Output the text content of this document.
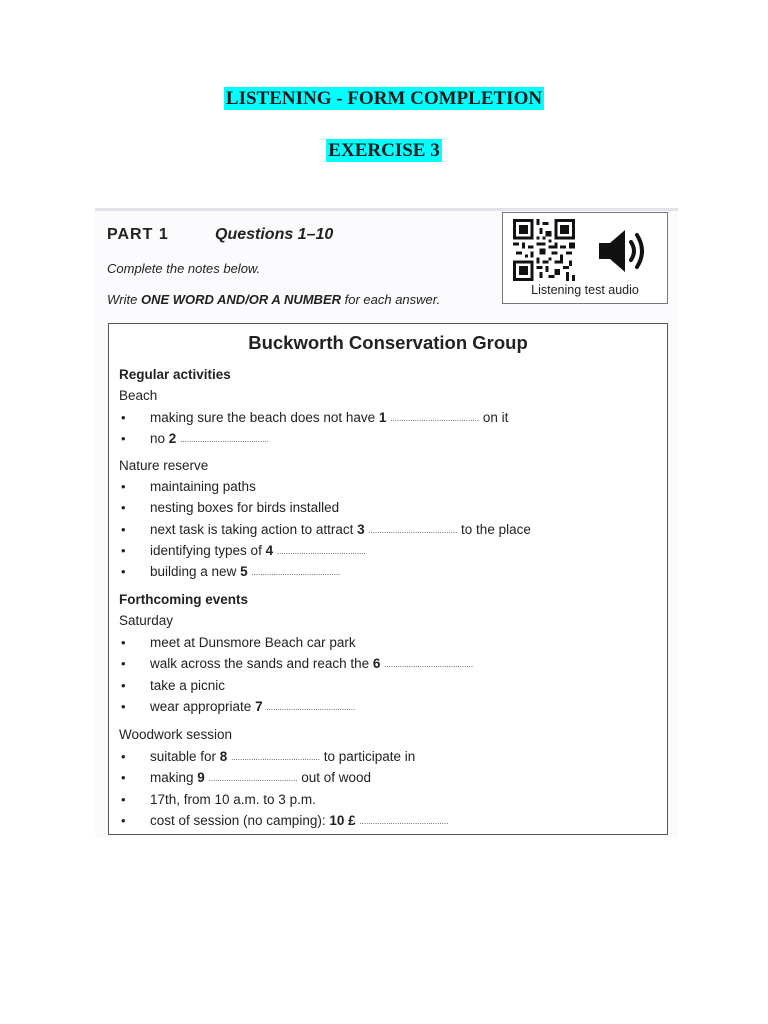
LISTENING - FORM COMPLETION
EXERCISE 3
PART 1	Questions 1–10
Complete the notes below.
Write ONE WORD AND/OR A NUMBER for each answer.
Listening test audio
Buckworth Conservation Group
Regular activities
Beach
• making sure the beach does not have 1 ........................................ on it
• no 2 ........................................
Nature reserve
• maintaining paths
• nesting boxes for birds installed
• next task is taking action to attract 3 ........................................ to the place
• identifying types of 4 ........................................
• building a new 5 ........................................
Forthcoming events
Saturday
• meet at Dunsmore Beach car park
• walk across the sands and reach the 6 ........................................
• take a picnic
• wear appropriate 7 ........................................
Woodwork session
• suitable for 8 ........................................ to participate in
• making 9 ........................................ out of wood
• 17th, from 10 a.m. to 3 p.m.
• cost of session (no camping): 10 £ ........................................
